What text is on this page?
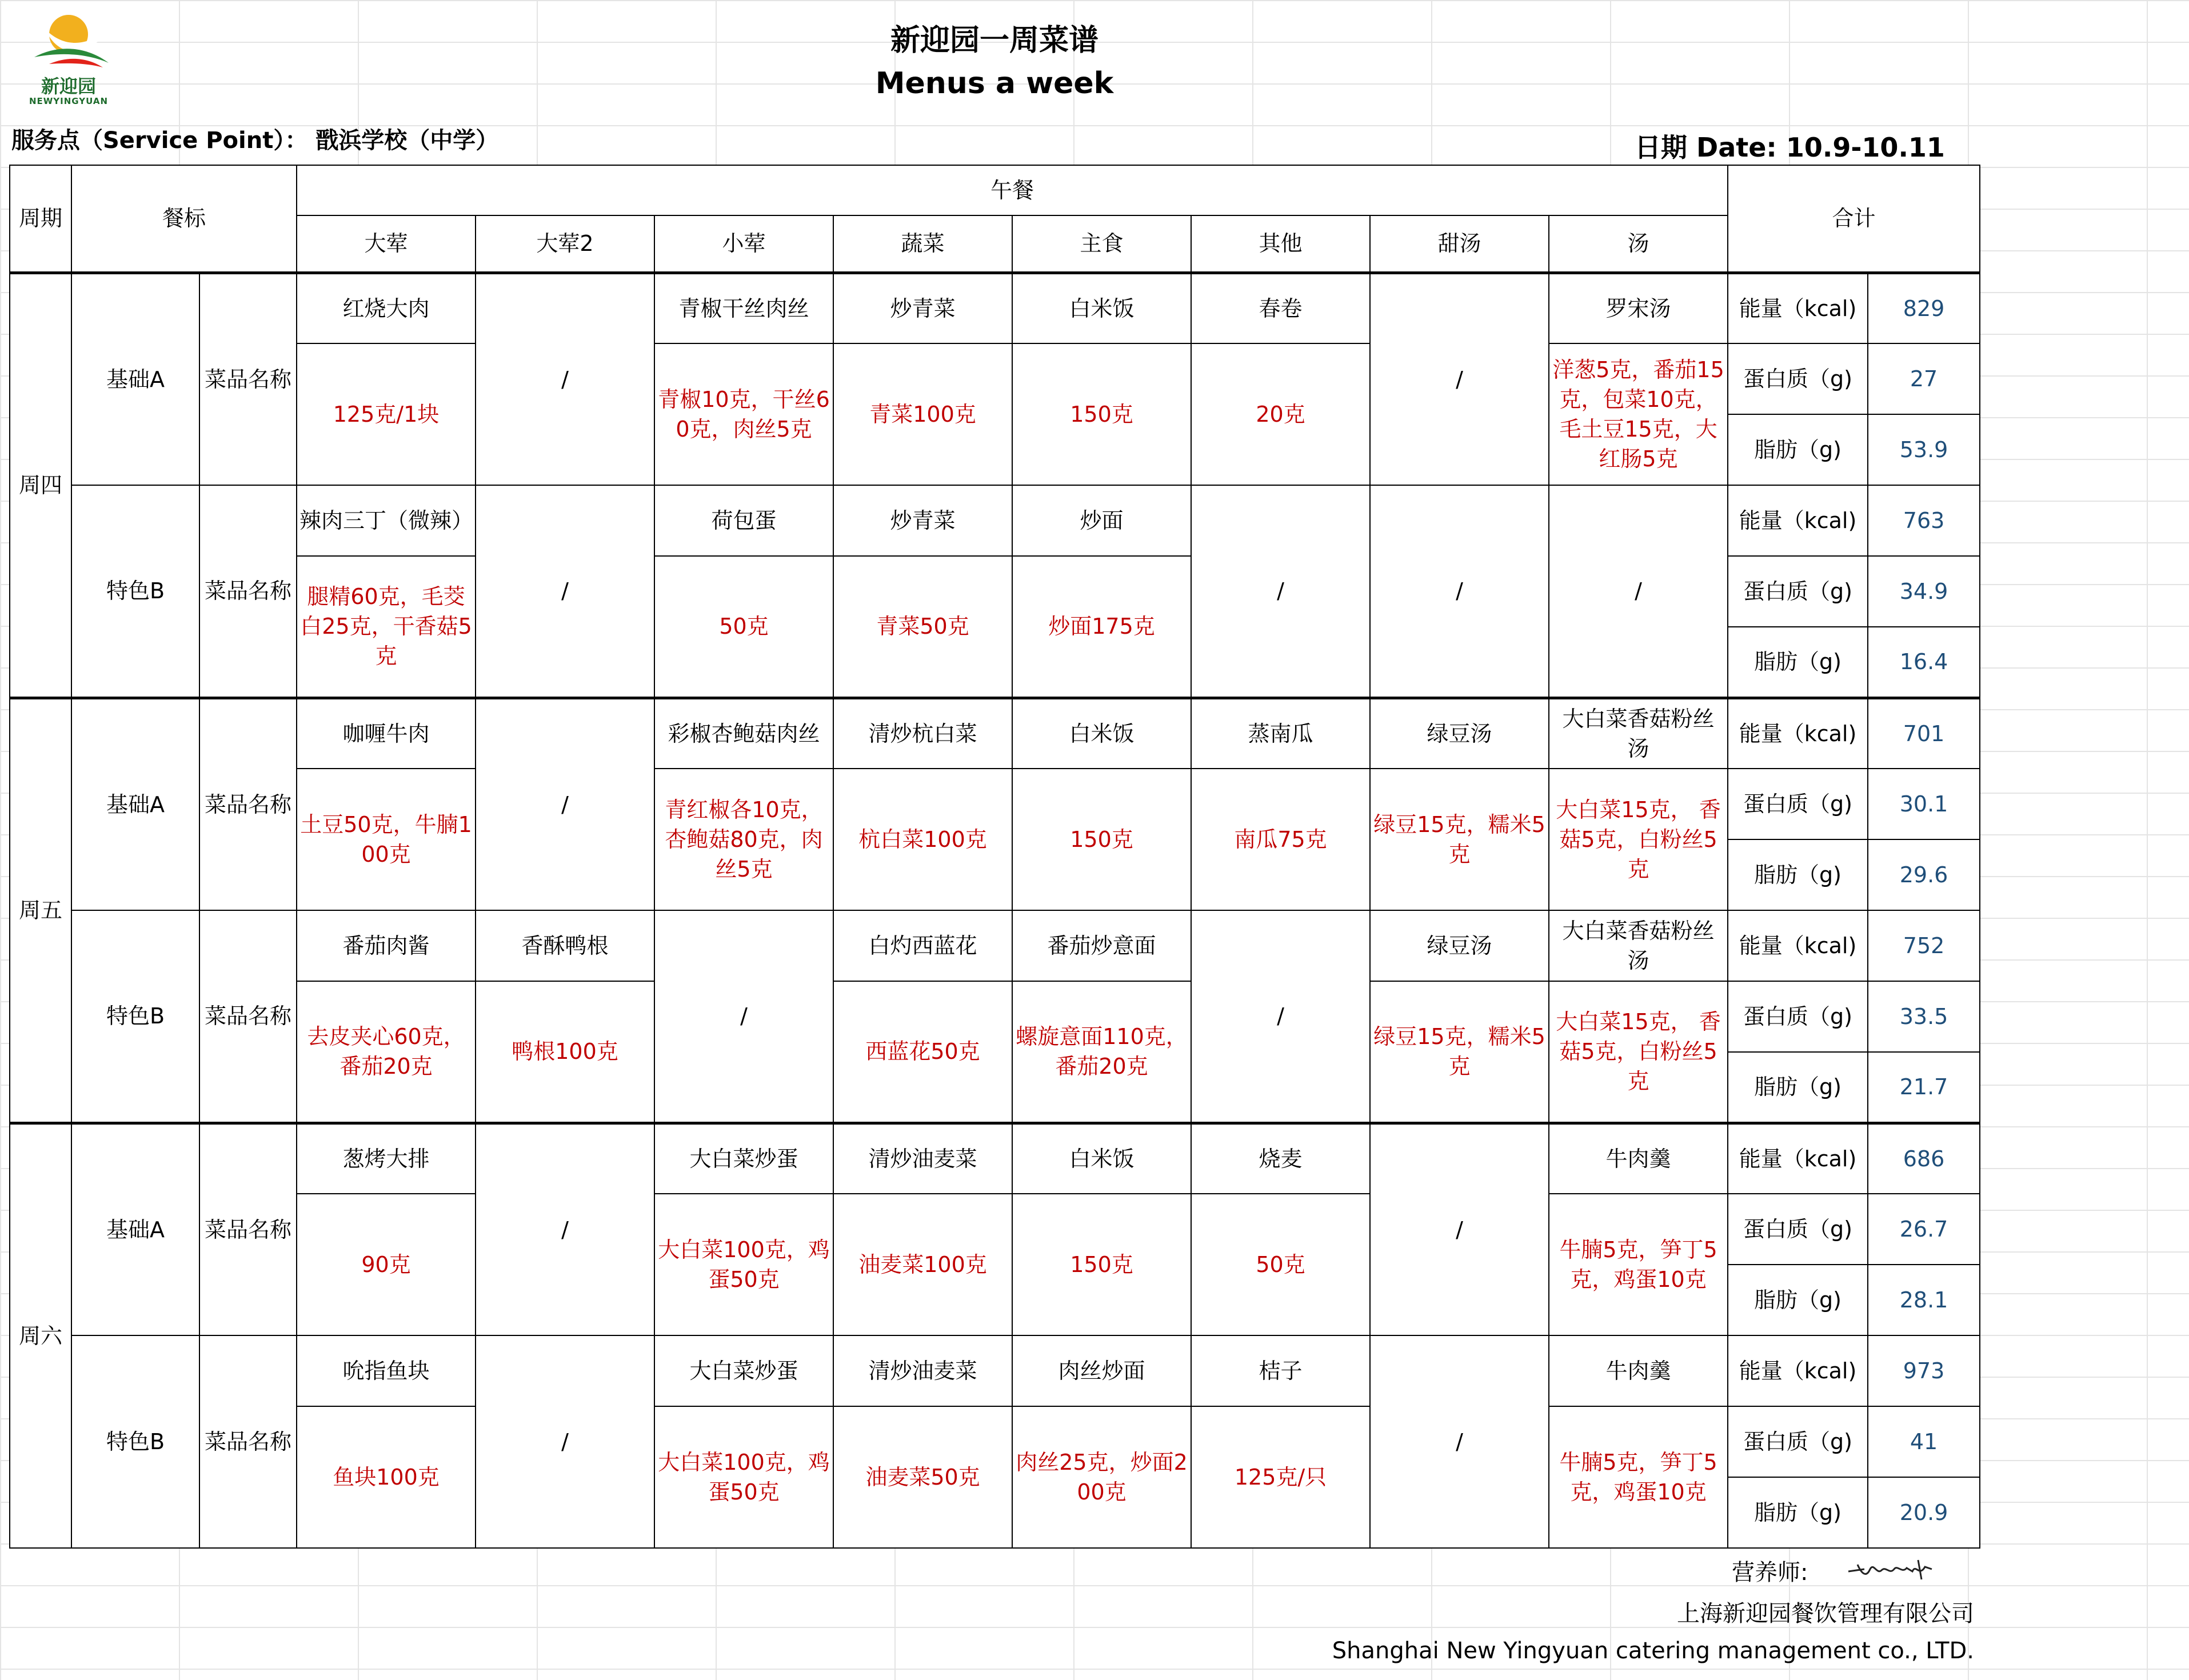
新迎园
NEWYINGYUAN
新迎园一周菜谱
Menus a week
服务点（Service Point）： 戬浜学校（中学）	日期 Date: 10.9-10.11
周期	餐标		午餐								合计	
			大荤	大荤2	小荤	蔬菜	主食	其他	甜汤	汤		
周四	基础A	菜品名称	红烧大肉	/	青椒干丝肉丝	炒青菜	白米饭	春卷	/	罗宋汤	能量（kcal)	829
			125克/1块		青椒10克，干丝60克，肉丝5克	青菜100克	150克	20克		洋葱5克，番茄15克，包菜10克，毛土豆15克，大红肠5克	蛋白质（g)	27
											脂肪（g)	53.9
	特色B	菜品名称	辣肉三丁（微辣）	/	荷包蛋	炒青菜	炒面	/	/	/	能量（kcal)	763
			腿精60克，毛茭白25克，干香菇5克		50克	青菜50克	炒面175克				蛋白质（g)	34.9
											脂肪（g)	16.4
周五	基础A	菜品名称	咖喱牛肉	/	彩椒杏鲍菇肉丝	清炒杭白菜	白米饭	蒸南瓜	绿豆汤	大白菜香菇粉丝汤	能量（kcal)	701
			土豆50克，牛腩100克		青红椒各10克，杏鲍菇80克，肉丝5克	杭白菜100克	150克	南瓜75克	绿豆15克，糯米5克	大白菜15克， 香菇5克，白粉丝5克	蛋白质（g)	30.1
											脂肪（g)	29.6
	特色B	菜品名称	番茄肉酱	香酥鸭根	/	白灼西蓝花	番茄炒意面	/	绿豆汤	大白菜香菇粉丝汤	能量（kcal)	752
			去皮夹心60克，番茄20克	鸭根100克		西蓝花50克	螺旋意面110克，番茄20克		绿豆15克，糯米5克	大白菜15克， 香菇5克，白粉丝5克	蛋白质（g)	33.5
											脂肪（g)	21.7
周六	基础A	菜品名称	葱烤大排	/	大白菜炒蛋	清炒油麦菜	白米饭	烧麦	/	牛肉羹	能量（kcal)	686
			90克		大白菜100克，鸡蛋50克	油麦菜100克	150克	50克		牛腩5克，笋丁5克，鸡蛋10克	蛋白质（g)	26.7
											脂肪（g)	28.1
	特色B	菜品名称	吮指鱼块	/	大白菜炒蛋	清炒油麦菜	肉丝炒面	桔子	/	牛肉羹	能量（kcal)	973
			鱼块100克		大白菜100克，鸡蛋50克	油麦菜50克	肉丝25克，炒面200克	125克/只		牛腩5克，笋丁5克，鸡蛋10克	蛋白质（g)	41
											脂肪（g)	20.9
营养师:
上海新迎园餐饮管理有限公司
Shanghai New Yingyuan catering management co., LTD.
